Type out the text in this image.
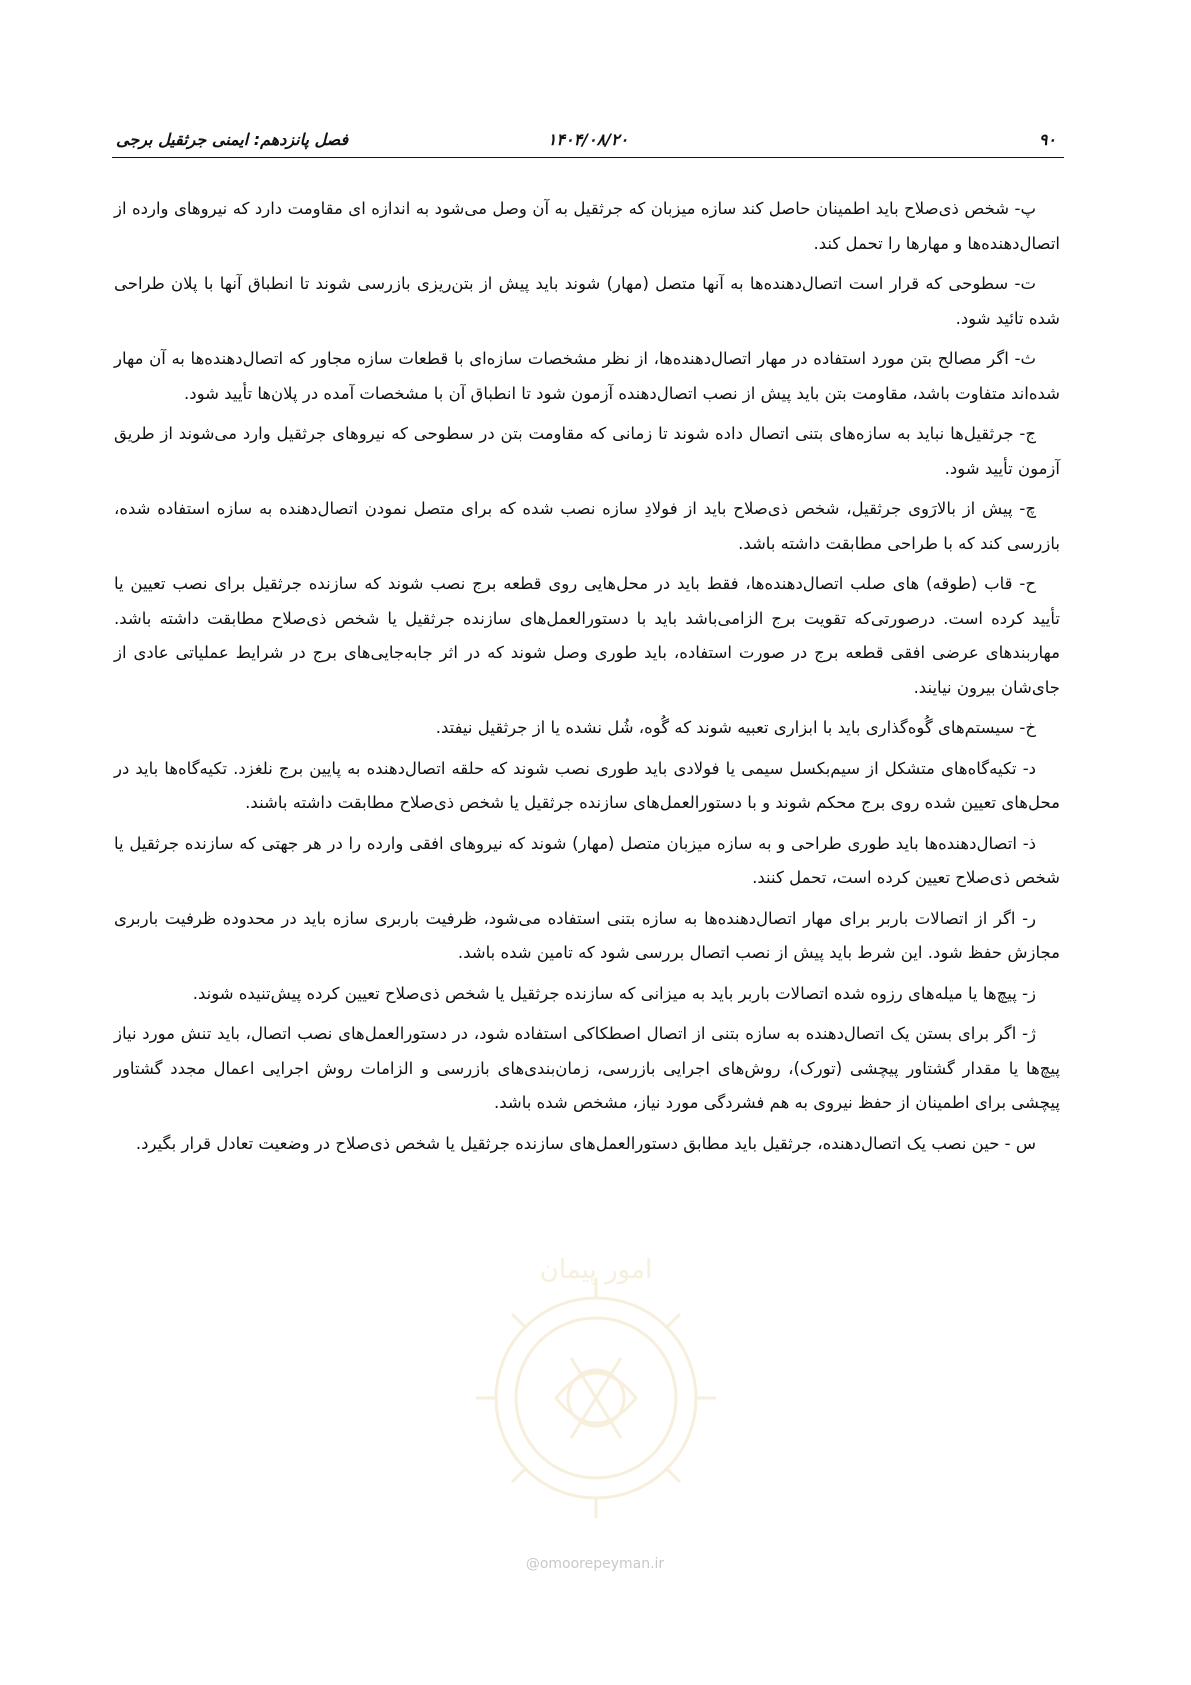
۹۰
۱۴۰۴/۰۸/۲۰
فصل پانزدهم: ایمنی جرثقیل برجی

پ- شخص ذی‌صلاح باید اطمینان حاصل کند سازه میزبان که جرثقیل به آن وصل می‌شود به اندازه ای مقاومت دارد که نیروهای وارده از اتصال‌دهنده‌ها و مهارها را تحمل کند.

ت- سطوحی که قرار است اتصال‌دهنده‌ها به آنها متصل (مهار) شوند باید پیش از بتن‌ریزی بازرسی شوند تا انطباق آنها با پلان طراحی شده تائید شود.

ث- اگر مصالح بتن مورد استفاده در مهار اتصال‌دهنده‌ها، از نظر مشخصات سازه‌ای با قطعات سازه مجاور که اتصال‌دهنده‌ها به آن مهار شده‌اند متفاوت باشد، مقاومت بتن باید پیش از نصب اتصال‌دهنده آزمون شود تا انطباق آن با مشخصات آمده در پلان‌ها تأیید شود.

ج- جرثقیل‌ها نباید به سازه‌های بتنی اتصال داده شوند تا زمانی که مقاومت بتن در سطوحی که نیروهای جرثقیل وارد می‌شوند از طریق آزمون تأیید شود.

چ- پیش از بالارَوی جرثقیل، شخص ذی‌صلاح باید از فولادِ سازه نصب شده که برای متصل نمودن اتصال‌دهنده به سازه استفاده شده، بازرسی کند که با طراحی مطابقت داشته باشد.

ح- قاب (طوقه) های صلب اتصال‌دهنده‌ها، فقط باید در محل‌هایی روی قطعه برج نصب شوند که سازنده جرثقیل برای نصب تعیین یا تأیید کرده است. درصورتی‌که تقویت برج الزامی‌باشد باید با دستورالعمل‌های سازنده جرثقیل یا شخص ذی‌صلاح مطابقت داشته باشد. مهاربندهای عرضی افقی قطعه برج در صورت استفاده، باید طوری وصل شوند که در اثر جابه‌جایی‌های برج در شرایط عملیاتی عادی از جای‌شان بیرون نیایند.

خ- سیستم‌های گُوه‌گذاری باید با ابزاری تعبیه شوند که گُوه، شُل نشده یا از جرثقیل نیفتد.

د- تکیه‌گاه‌های متشکل از سیم‌بکسل سیمی یا فولادی باید طوری نصب شوند که حلقه اتصال‌دهنده به پایین برج نلغزد. تکیه‌گاه‌ها باید در محل‌های تعیین شده روی برج محکم شوند و با دستورالعمل‌های سازنده جرثقیل یا شخص ذی‌صلاح مطابقت داشته باشند.

ذ- اتصال‌دهنده‌ها باید طوری طراحی و به سازه میزبان متصل (مهار) شوند که نیروهای افقی وارده را در هر جهتی که سازنده جرثقیل یا شخص ذی‌صلاح تعیین کرده است، تحمل کنند.

ر- اگر از اتصالات باربر برای مهار اتصال‌دهنده‌ها به سازه بتنی استفاده می‌شود، ظرفیت باربری سازه باید در محدوده ظرفیت باربری مجازش حفظ شود. این شرط باید پیش از نصب اتصال بررسی شود که تامین شده باشد.

ز- پیچ‌ها یا میله‌های رزوه شده اتصالات باربر باید به میزانی که سازنده جرثقیل یا شخص ذی‌صلاح تعیین کرده پیش‌تنیده شوند.

ژ- اگر برای بستن یک اتصال‌دهنده به سازه بتنی از اتصال اصطکاکی استفاده شود، در دستورالعمل‌های نصب اتصال، باید تنش مورد نیاز پیچ‌ها یا مقدار گشتاور پیچشی (تورک)، روش‌های اجرایی بازرسی، زمان‌بندی‌های بازرسی و الزامات روش اجرایی اعمال مجدد گشتاور پیچشی برای اطمینان از حفظ نیروی به هم فشردگی مورد نیاز، مشخص شده باشد.

س - حین نصب یک اتصال‌دهنده، جرثقیل باید مطابق دستورالعمل‌های سازنده جرثقیل یا شخص ذی‌صلاح در وضعیت تعادل قرار بگیرد.

امور پیمان
@omoorepeyman.ir
